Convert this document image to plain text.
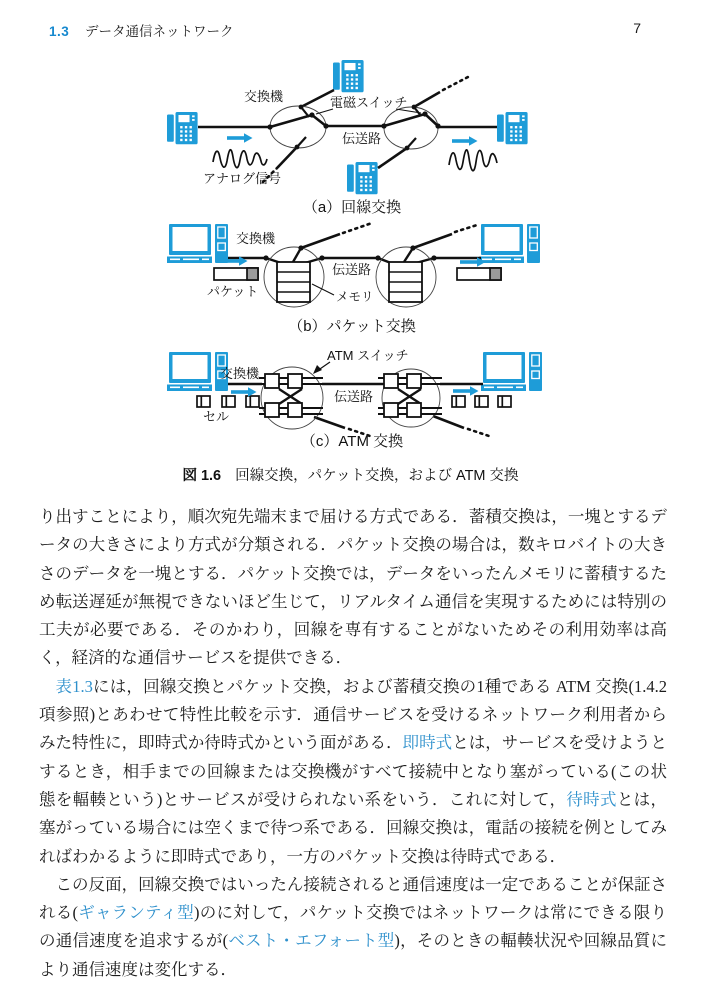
1.3 データ通信ネットワーク	7
交換機	電磁スイッチ
伝送路
アナログ信号
（a）回線交換
交換機
伝送路
メモリ
パケット
（b）パケット交換
交換機
ATM スイッチ
伝送路
セル
（c）ATM 交換
図 1.6 回線交換，パケット交換，および ATM 交換

り出すことにより，順次宛先端末まで届ける方式である．蓄積交換は，一塊とするデータの大きさにより方式が分類される．パケット交換の場合は，数キロバイトの大きさのデータを一塊とする．パケット交換では，データをいったんメモリに蓄積するため転送遅延が無視できないほど生じて，リアルタイム通信を実現するためには特別の工夫が必要である．そのかわり，回線を専有することがないためその利用効率は高く，経済的な通信サービスを提供できる．

表1.3には，回線交換とパケット交換，および蓄積交換の1種である ATM 交換(1.4.2項参照)とあわせて特性比較を示す．通信サービスを受けるネットワーク利用者からみた特性に，即時式か待時式かという面がある．即時式とは，サービスを受けようとするとき，相手までの回線または交換機がすべて接続中となり塞がっている(この状態を輻輳という)とサービスが受けられない系をいう．これに対して，待時式とは，塞がっている場合には空くまで待つ系である．回線交換は，電話の接続を例としてみればわかるように即時式であり，一方のパケット交換は待時式である．

この反面，回線交換ではいったん接続されると通信速度は一定であることが保証される(ギャランティ型)のに対して，パケット交換ではネットワークは常にできる限りの通信速度を追求するが(ベスト・エフォート型)，そのときの輻輳状況や回線品質により通信速度は変化する．
